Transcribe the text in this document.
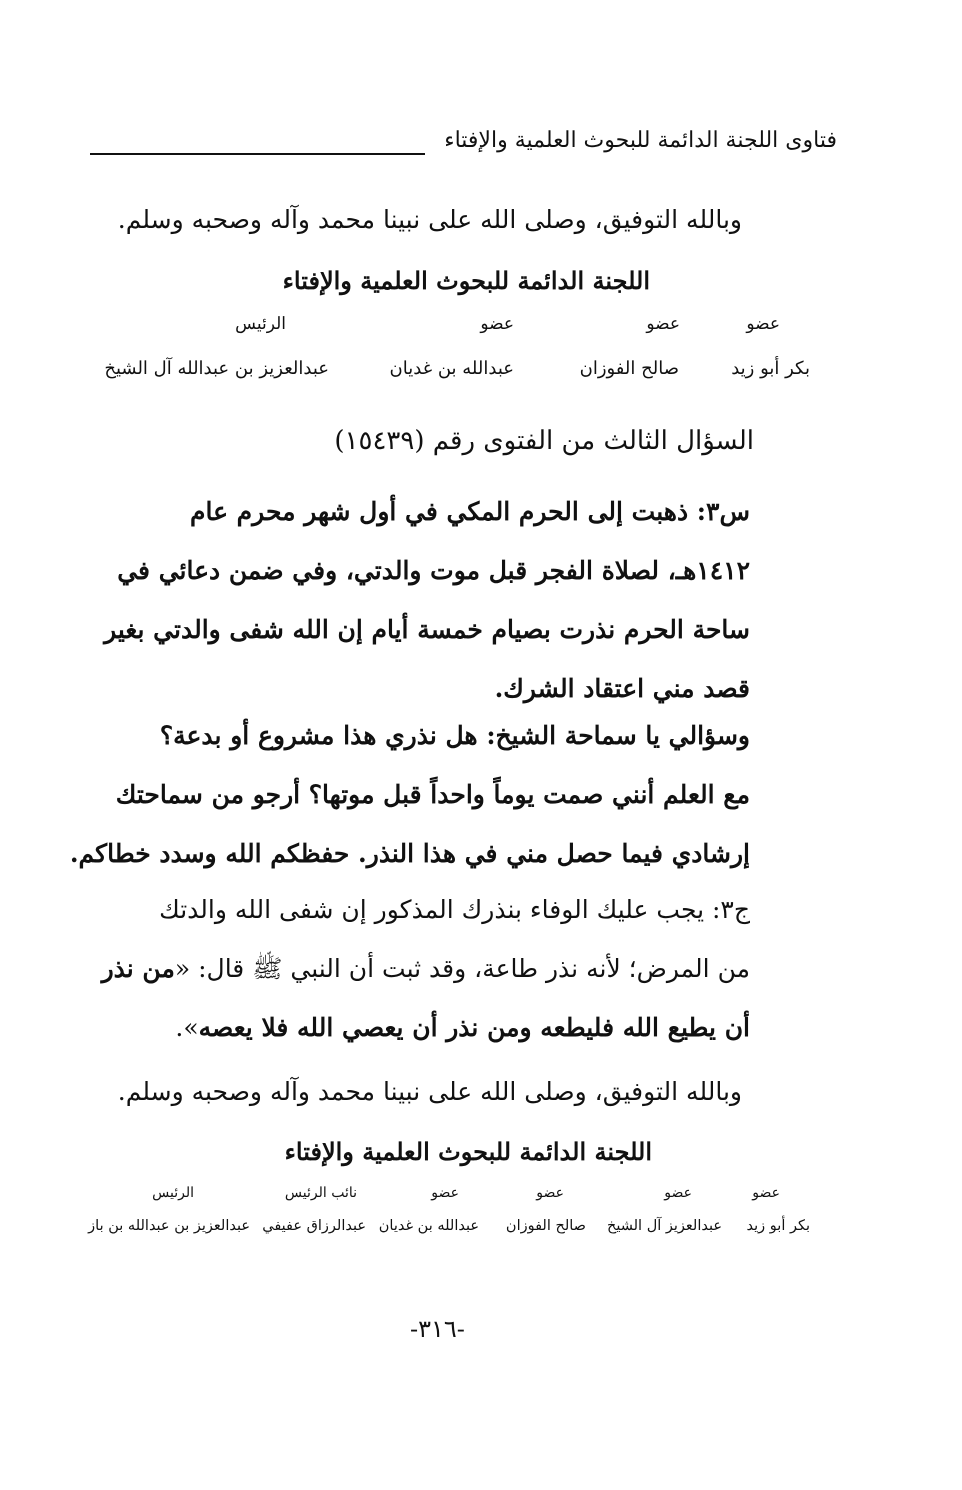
فتاوى اللجنة الدائمة للبحوث العلمية والإفتاء
وبالله التوفيق، وصلى الله على نبينا محمد وآله وصحبه وسلم.
اللجنة الدائمة للبحوث العلمية والإفتاء
عضو
عضو
عضو
الرئيس
بكر أبو زيد
صالح الفوزان
عبدالله بن غديان
عبدالعزيز بن عبدالله آل الشيخ
السؤال الثالث من الفتوى رقم (١٥٤٣٩)
س٣: ذهبت إلى الحرم المكي في أول شهر محرم عام
١٤١٢هـ، لصلاة الفجر قبل موت والدتي، وفي ضمن دعائي في
ساحة الحرم نذرت بصيام خمسة أيام إن الله شفى والدتي بغير
قصد مني اعتقاد الشرك.
وسؤالي يا سماحة الشيخ: هل نذري هذا مشروع أو بدعة؟
مع العلم أنني صمت يوماً واحداً قبل موتها؟ أرجو من سماحتك
إرشادي فيما حصل مني في هذا النذر. حفظكم الله وسدد خطاكم.
ج٣: يجب عليك الوفاء بنذرك المذكور إن شفى الله والدتك
من المرض؛ لأنه نذر طاعة، وقد ثبت أن النبي ﷺ قال: «من نذر
أن يطيع الله فليطعه ومن نذر أن يعصي الله فلا يعصه».
وبالله التوفيق، وصلى الله على نبينا محمد وآله وصحبه وسلم.
اللجنة الدائمة للبحوث العلمية والإفتاء
عضو
عضو
عضو
عضو
نائب الرئيس
الرئيس
بكر أبو زيد
عبدالعزيز آل الشيخ
صالح الفوزان
عبدالله بن غديان
عبدالرزاق عفيفي
عبدالعزيز بن عبدالله بن باز
-٣١٦-
